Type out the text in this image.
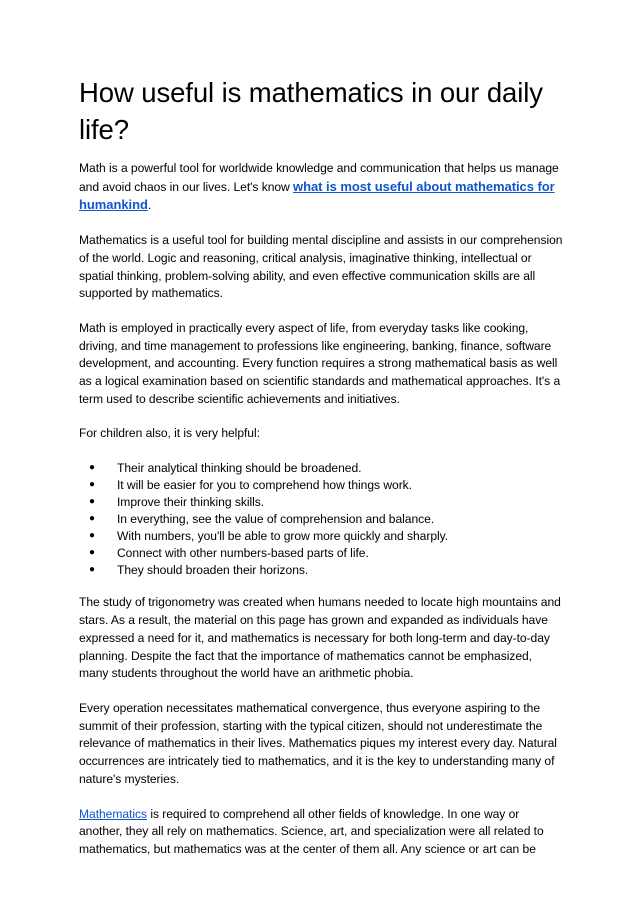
How useful is mathematics in our daily life?

Math is a powerful tool for worldwide knowledge and communication that helps us manage and avoid chaos in our lives. Let's know what is most useful about mathematics for humankind.

Mathematics is a useful tool for building mental discipline and assists in our comprehension of the world. Logic and reasoning, critical analysis, imaginative thinking, intellectual or spatial thinking, problem-solving ability, and even effective communication skills are all supported by mathematics.

Math is employed in practically every aspect of life, from everyday tasks like cooking, driving, and time management to professions like engineering, banking, finance, software development, and accounting. Every function requires a strong mathematical basis as well as a logical examination based on scientific standards and mathematical approaches. It's a term used to describe scientific achievements and initiatives.

For children also, it is very helpful:

●	Their analytical thinking should be broadened.
●	It will be easier for you to comprehend how things work.
●	Improve their thinking skills.
●	In everything, see the value of comprehension and balance.
●	With numbers, you'll be able to grow more quickly and sharply.
●	Connect with other numbers-based parts of life.
●	They should broaden their horizons.

The study of trigonometry was created when humans needed to locate high mountains and stars. As a result, the material on this page has grown and expanded as individuals have expressed a need for it, and mathematics is necessary for both long-term and day-to-day planning. Despite the fact that the importance of mathematics cannot be emphasized, many students throughout the world have an arithmetic phobia.

Every operation necessitates mathematical convergence, thus everyone aspiring to the summit of their profession, starting with the typical citizen, should not underestimate the relevance of mathematics in their lives. Mathematics piques my interest every day. Natural occurrences are intricately tied to mathematics, and it is the key to understanding many of nature's mysteries.

Mathematics is required to comprehend all other fields of knowledge. In one way or another, they all rely on mathematics. Science, art, and specialization were all related to mathematics, but mathematics was at the center of them all. Any science or art can be
